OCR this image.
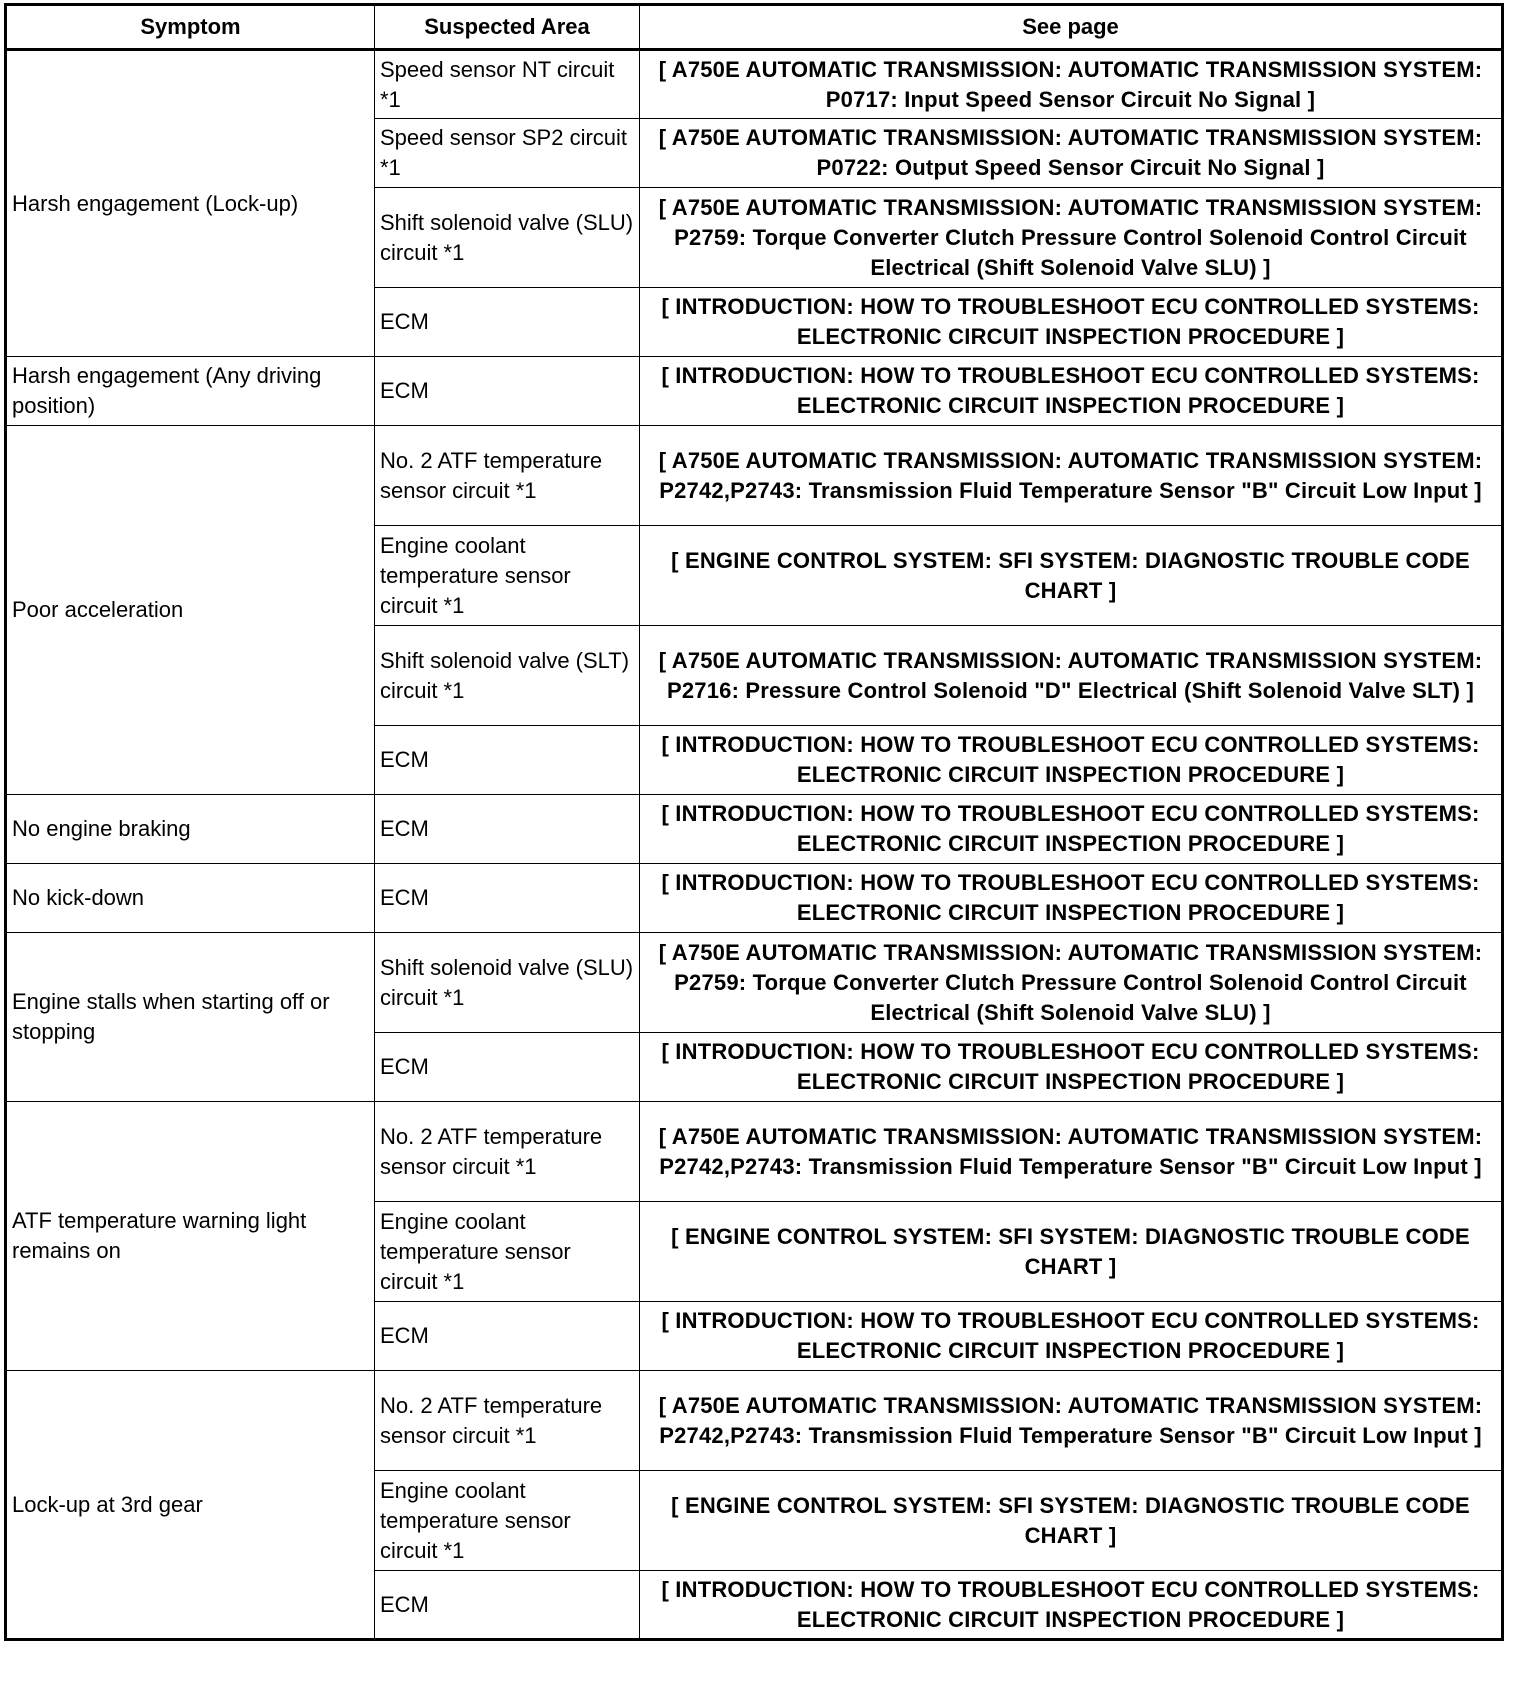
Symptom	Suspected Area	See page
Harsh engagement (Lock-up)	Speed sensor NT circuit *1	[ A750E AUTOMATIC TRANSMISSION: AUTOMATIC TRANSMISSION SYSTEM: P0717: Input Speed Sensor Circuit No Signal ]
	Speed sensor SP2 circuit *1	[ A750E AUTOMATIC TRANSMISSION: AUTOMATIC TRANSMISSION SYSTEM: P0722: Output Speed Sensor Circuit No Signal ]
	Shift solenoid valve (SLU) circuit *1	[ A750E AUTOMATIC TRANSMISSION: AUTOMATIC TRANSMISSION SYSTEM: P2759: Torque Converter Clutch Pressure Control Solenoid Control Circuit Electrical (Shift Solenoid Valve SLU) ]
	ECM	[ INTRODUCTION: HOW TO TROUBLESHOOT ECU CONTROLLED SYSTEMS: ELECTRONIC CIRCUIT INSPECTION PROCEDURE ]
Harsh engagement (Any driving position)	ECM	[ INTRODUCTION: HOW TO TROUBLESHOOT ECU CONTROLLED SYSTEMS: ELECTRONIC CIRCUIT INSPECTION PROCEDURE ]
Poor acceleration	No. 2 ATF temperature sensor circuit *1	[ A750E AUTOMATIC TRANSMISSION: AUTOMATIC TRANSMISSION SYSTEM: P2742,P2743: Transmission Fluid Temperature Sensor "B" Circuit Low Input ]
	Engine coolant temperature sensor circuit *1	[ ENGINE CONTROL SYSTEM: SFI SYSTEM: DIAGNOSTIC TROUBLE CODE CHART ]
	Shift solenoid valve (SLT) circuit *1	[ A750E AUTOMATIC TRANSMISSION: AUTOMATIC TRANSMISSION SYSTEM: P2716: Pressure Control Solenoid "D" Electrical (Shift Solenoid Valve SLT) ]
	ECM	[ INTRODUCTION: HOW TO TROUBLESHOOT ECU CONTROLLED SYSTEMS: ELECTRONIC CIRCUIT INSPECTION PROCEDURE ]
No engine braking	ECM	[ INTRODUCTION: HOW TO TROUBLESHOOT ECU CONTROLLED SYSTEMS: ELECTRONIC CIRCUIT INSPECTION PROCEDURE ]
No kick-down	ECM	[ INTRODUCTION: HOW TO TROUBLESHOOT ECU CONTROLLED SYSTEMS: ELECTRONIC CIRCUIT INSPECTION PROCEDURE ]
Engine stalls when starting off or stopping	Shift solenoid valve (SLU) circuit *1	[ A750E AUTOMATIC TRANSMISSION: AUTOMATIC TRANSMISSION SYSTEM: P2759: Torque Converter Clutch Pressure Control Solenoid Control Circuit Electrical (Shift Solenoid Valve SLU) ]
	ECM	[ INTRODUCTION: HOW TO TROUBLESHOOT ECU CONTROLLED SYSTEMS: ELECTRONIC CIRCUIT INSPECTION PROCEDURE ]
ATF temperature warning light remains on	No. 2 ATF temperature sensor circuit *1	[ A750E AUTOMATIC TRANSMISSION: AUTOMATIC TRANSMISSION SYSTEM: P2742,P2743: Transmission Fluid Temperature Sensor "B" Circuit Low Input ]
	Engine coolant temperature sensor circuit *1	[ ENGINE CONTROL SYSTEM: SFI SYSTEM: DIAGNOSTIC TROUBLE CODE CHART ]
	ECM	[ INTRODUCTION: HOW TO TROUBLESHOOT ECU CONTROLLED SYSTEMS: ELECTRONIC CIRCUIT INSPECTION PROCEDURE ]
Lock-up at 3rd gear	No. 2 ATF temperature sensor circuit *1	[ A750E AUTOMATIC TRANSMISSION: AUTOMATIC TRANSMISSION SYSTEM: P2742,P2743: Transmission Fluid Temperature Sensor "B" Circuit Low Input ]
	Engine coolant temperature sensor circuit *1	[ ENGINE CONTROL SYSTEM: SFI SYSTEM: DIAGNOSTIC TROUBLE CODE CHART ]
	ECM	[ INTRODUCTION: HOW TO TROUBLESHOOT ECU CONTROLLED SYSTEMS: ELECTRONIC CIRCUIT INSPECTION PROCEDURE ]
